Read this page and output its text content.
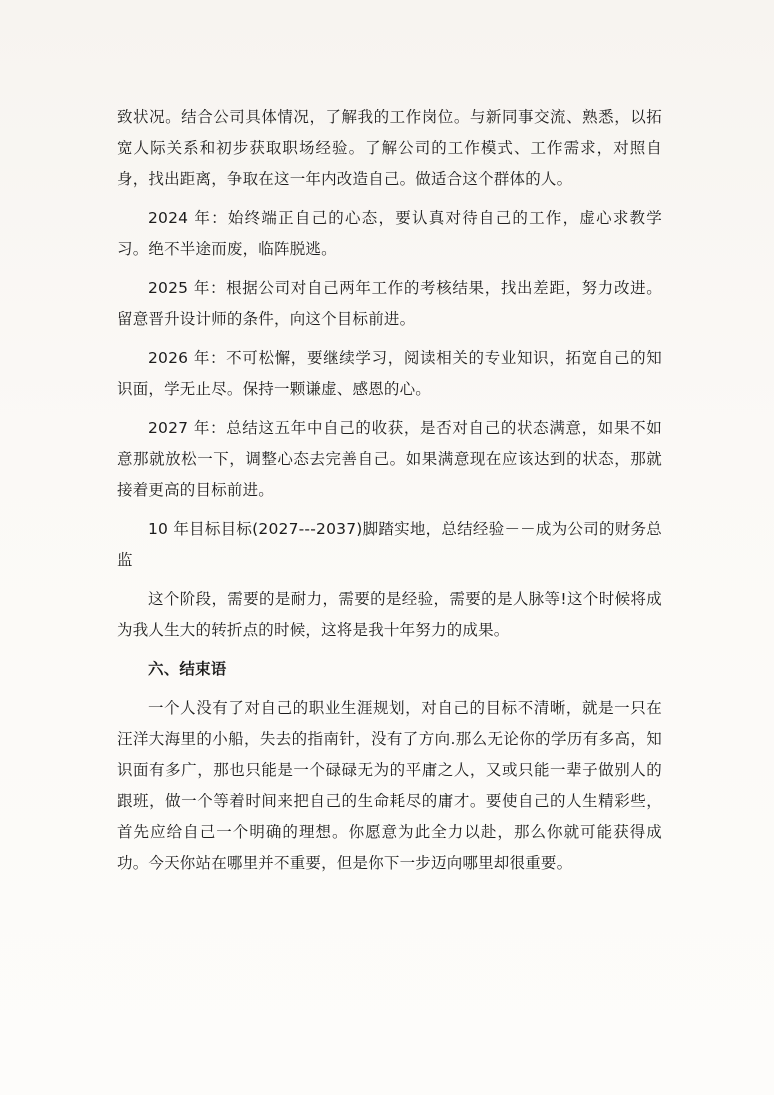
致状况。结合公司具体情况，了解我的工作岗位。与新同事交流、熟悉，以拓宽人际关系和初步获取职场经验。了解公司的工作模式、工作需求，对照自身，找出距离，争取在这一年内改造自己。做适合这个群体的人。

2024 年：始终端正自己的心态，要认真对待自己的工作，虚心求教学习。绝不半途而废，临阵脱逃。

2025 年：根据公司对自己两年工作的考核结果，找出差距，努力改进。留意晋升设计师的条件，向这个目标前进。

2026 年：不可松懈，要继续学习，阅读相关的专业知识，拓宽自己的知识面，学无止尽。保持一颗谦虚、感恩的心。

2027 年：总结这五年中自己的收获，是否对自己的状态满意，如果不如意那就放松一下，调整心态去完善自己。如果满意现在应该达到的状态，那就接着更高的目标前进。

10 年目标目标(2027---2037)脚踏实地，总结经验－－成为公司的财务总监

这个阶段，需要的是耐力，需要的是经验，需要的是人脉等!这个时候将成为我人生大的转折点的时候，这将是我十年努力的成果。

六、结束语

一个人没有了对自己的职业生涯规划，对自己的目标不清晰，就是一只在汪洋大海里的小船，失去的指南针，没有了方向.那么无论你的学历有多高，知识面有多广，那也只能是一个碌碌无为的平庸之人，又或只能一辈子做别人的跟班，做一个等着时间来把自己的生命耗尽的庸才。要使自己的人生精彩些，首先应给自己一个明确的理想。你愿意为此全力以赴，那么你就可能获得成功。今天你站在哪里并不重要，但是你下一步迈向哪里却很重要。
